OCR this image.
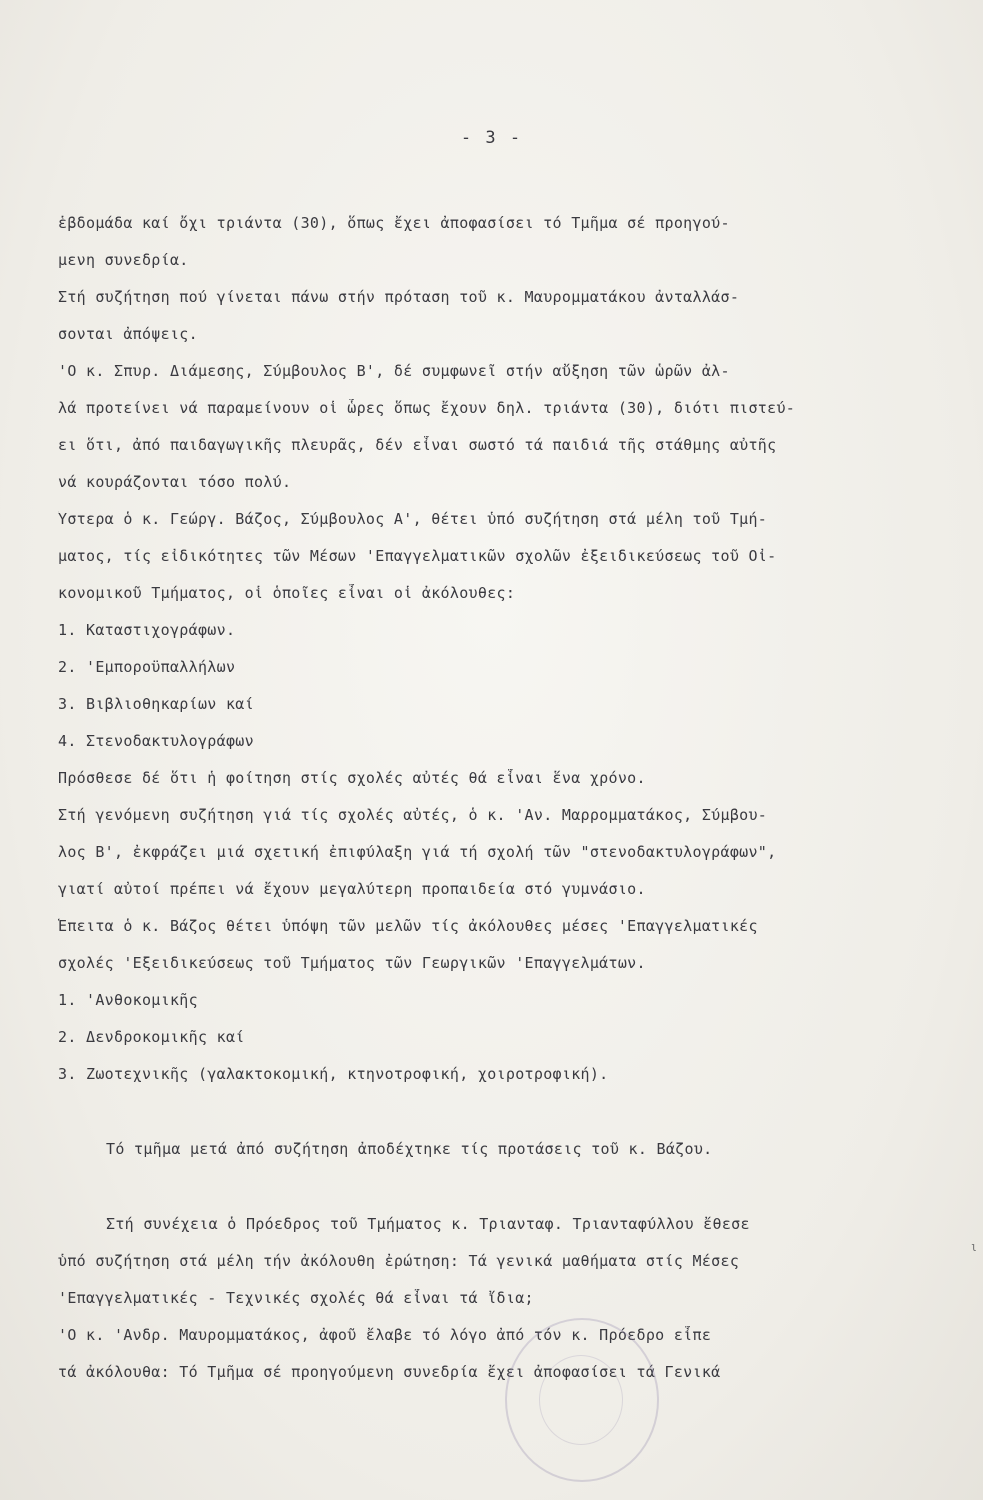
- 3 -
ἑβδομάδα καί ὄχι τριάντα (30), ὅπως ἔχει ἀποφασίσει τό Τμῆμα σέ προηγού-
μενη συνεδρία.
Στή συζήτηση πού γίνεται πάνω στήν πρόταση τοῦ κ. Μαυρομματάκου ἀνταλλάσ-
σονται ἀπόψεις.
'Ο κ. Σπυρ. Διάμεσης, Σύμβουλος Β', δέ συμφωνεῖ στήν αὔξηση τῶν ὡρῶν ἀλ-
λά προτείνει νά παραμείνουν οἱ ὧρες ὅπως ἔχουν δηλ. τριάντα (30), διότι πιστεύ-
ει ὅτι, ἀπό παιδαγωγικῆς πλευρᾶς, δέν εἶναι σωστό τά παιδιά τῆς στάθμης αὐτῆς
νά κουράζονται τόσο πολύ.
Ὕστερα ὁ κ. Γεώργ. Βάζος, Σύμβουλος Α', θέτει ὑπό συζήτηση στά μέλη τοῦ Τμή-
ματος, τίς εἰδικότητες τῶν Μέσων 'Επαγγελματικῶν σχολῶν ἐξειδικεύσεως τοῦ Οἰ-
κονομικοῦ Τμήματος, οἱ ὁποῖες εἶναι οἱ ἀκόλουθες:
1. Καταστιχογράφων.
2. 'Εμποροϋπαλλήλων
3. Βιβλιοθηκαρίων καί
4. Στενοδακτυλογράφων
Πρόσθεσε δέ ὅτι ἡ φοίτηση στίς σχολές αὐτές θά εἶναι ἕνα χρόνο.
Στή γενόμενη συζήτηση γιά τίς σχολές αὐτές, ὁ κ. 'Αν. Μαρρομματάκος, Σύμβου-
λος Β', ἐκφράζει μιά σχετική ἐπιφύλαξη γιά τή σχολή τῶν "στενοδακτυλογράφων",
γιατί αὐτοί πρέπει νά ἔχουν μεγαλύτερη προπαιδεία στό γυμνάσιο.
Ἔπειτα ὁ κ. Βάζος θέτει ὑπόψη τῶν μελῶν τίς ἀκόλουθες μέσες 'Επαγγελματικές
σχολές 'Εξειδικεύσεως τοῦ Τμήματος τῶν Γεωργικῶν 'Επαγγελμάτων.
1. 'Ανθοκομικῆς
2. Δενδροκομικῆς καί
3. Ζωοτεχνικῆς (γαλακτοκομική, κτηνοτροφική, χοιροτροφική).
Τό τμῆμα μετά ἀπό συζήτηση ἀποδέχτηκε τίς προτάσεις τοῦ κ. Βάζου.
Στή συνέχεια ὁ Πρόεδρος τοῦ Τμήματος κ. Τριανταφ. Τριανταφύλλου ἔθεσε
ὑπό συζήτηση στά μέλη τήν ἀκόλουθη ἐρώτηση: Τά γενικά μαθήματα στίς Μέσες
'Επαγγελματικές - Τεχνικές σχολές θά εἶναι τά ἴδια;
'Ο κ. 'Ανδρ. Μαυρομματάκος, ἀφοῦ ἔλαβε τό λόγο ἀπό τόν κ. Πρόεδρο εἶπε
τά ἀκόλουθα: Τό Τμῆμα σέ προηγούμενη συνεδρία ἔχει ἀποφασίσει τά Γενικά
ι
